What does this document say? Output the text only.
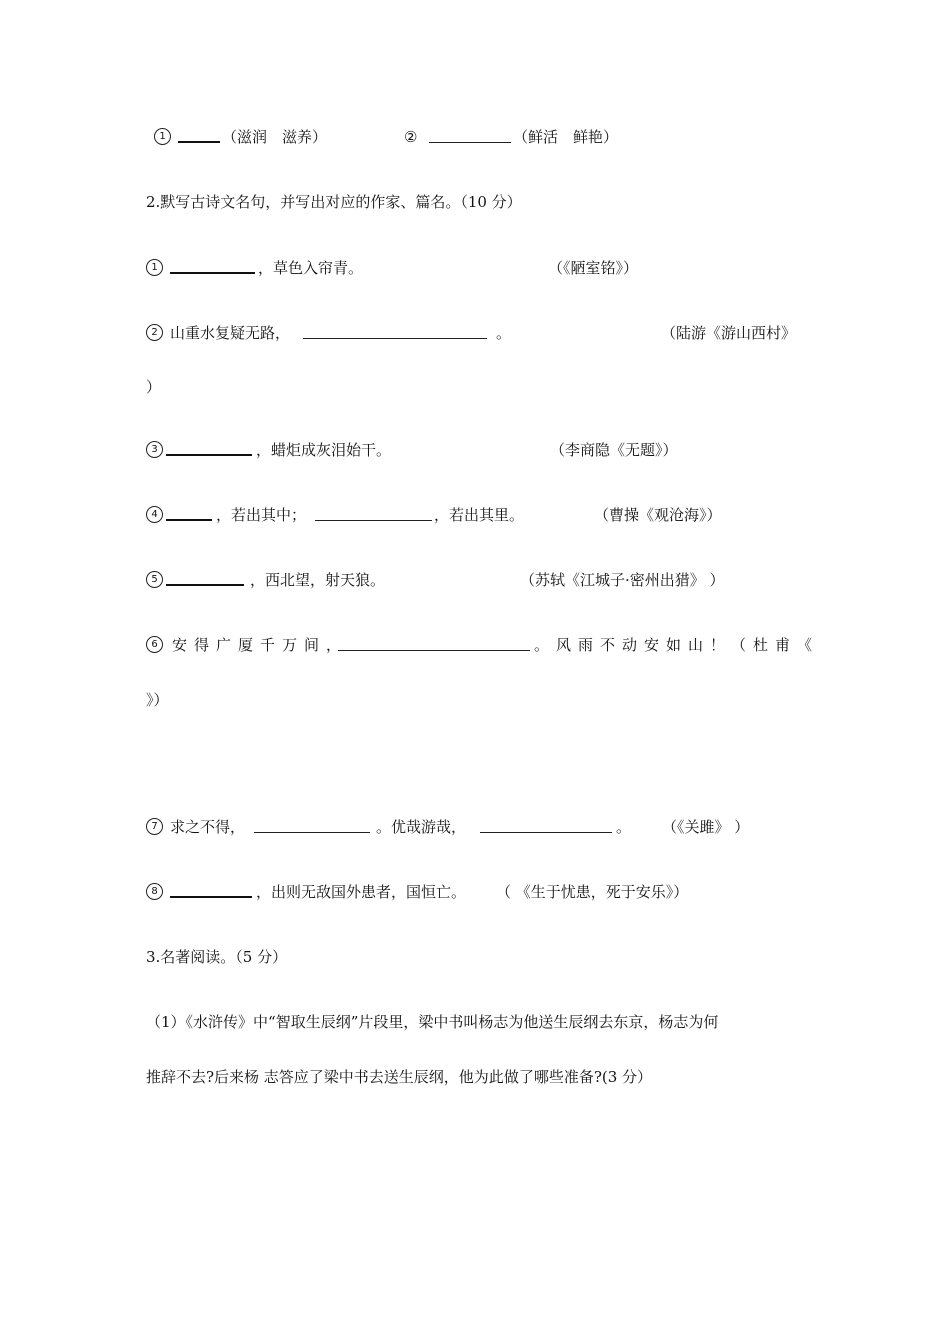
1	（滋润　滋养）	②	（鲜活　鲜艳）
2.默写古诗文名句，并写出对应的作家、篇名。（10 分）
1	，草色入帘青。	（《陋室铭》）
2 山重水复疑无路，	。	（陆游《游山西村》
）
3	，蜡炬成灰泪始干。	（李商隐《无题》）
4	，若出其中；	，若出其里。	（曹操《观沧海》）
5	，西北望，射天狼。	（苏轼《江城子·密州出猎》 ）
6 安得广厦千万间，	。风雨不动安如山！
（杜甫《
》）
7 求之不得，	。优哉游哉，	。 （《关雎》 ）
8	，出则无敌国外患者，国恒亡。 （ 《生于忧患，死于安乐》）
3.名著阅读。（5 分）
（1）《水浒传》中“智取生辰纲”片段里，梁中书叫杨志为他送生辰纲去东京，杨志为何
推辞不去?后来杨 志答应了梁中书去送生辰纲，他为此做了哪些准备?(3 分）
